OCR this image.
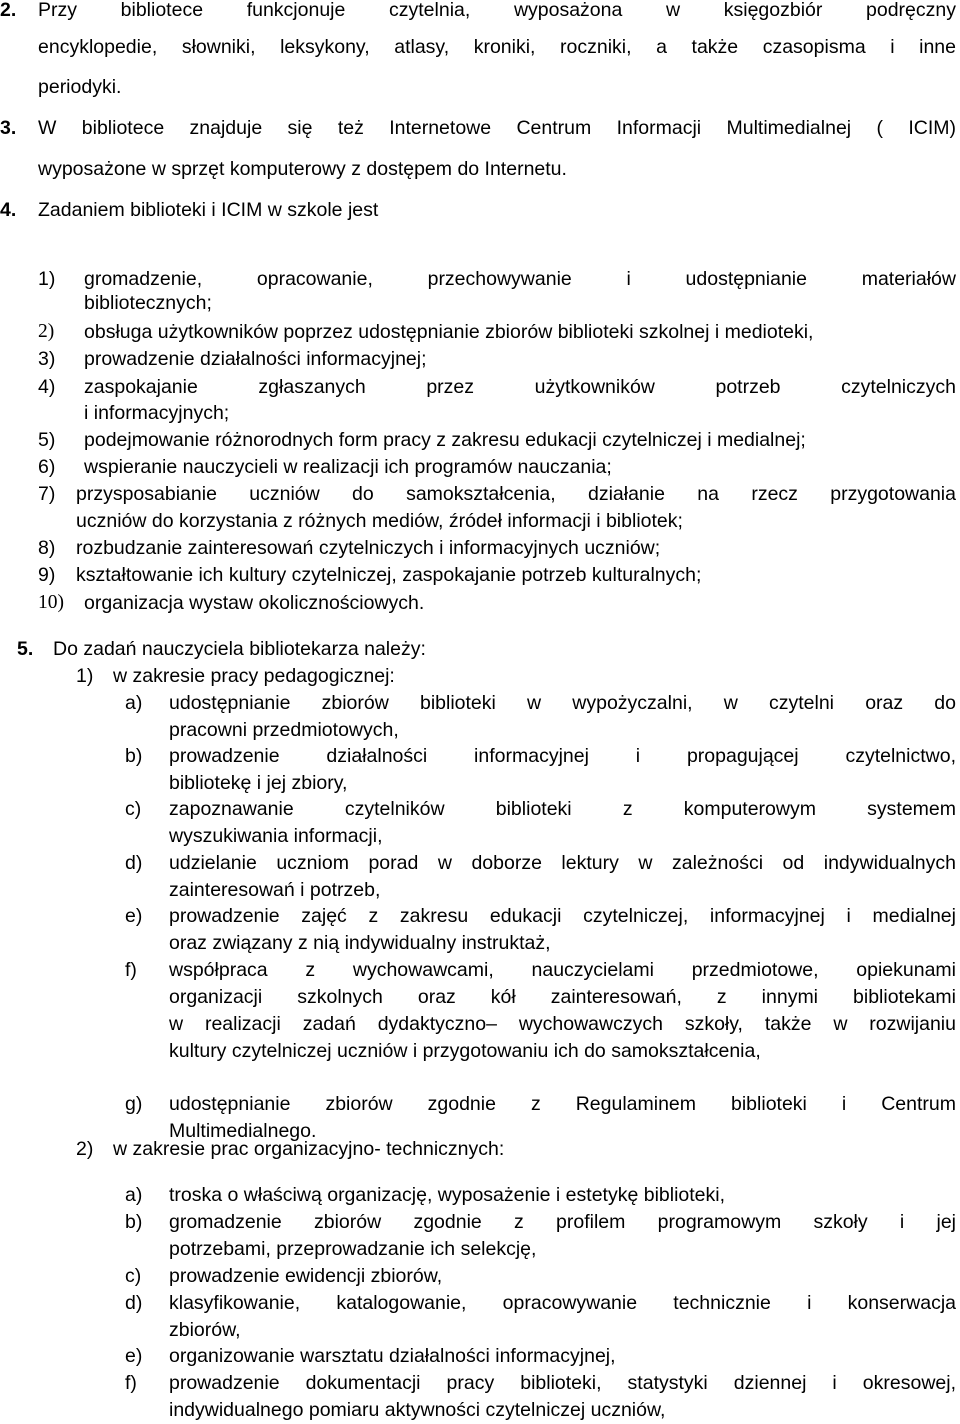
2. Przy bibliotece funkcjonuje czytelnia, wyposażona w księgozbiór podręczny
encyklopedie, słowniki, leksykony, atlasy, kroniki, roczniki, a także czasopisma i inne
periodyki.
3. W bibliotece znajduje się też Internetowe Centrum Informacji Multimedialnej ( ICIM)
wyposażone w sprzęt komputerowy z dostępem do Internetu.
4. Zadaniem biblioteki i ICIM w szkole jest
1) gromadzenie, opracowanie, przechowywanie i udostępnianie materiałów
bibliotecznych;
2) obsługa użytkowników poprzez udostępnianie zbiorów biblioteki szkolnej i medioteki,
3) prowadzenie działalności informacyjnej;
4) zaspokajanie zgłaszanych przez użytkowników potrzeb czytelniczych
i informacyjnych;
5) podejmowanie różnorodnych form pracy z zakresu edukacji czytelniczej i medialnej;
6) wspieranie nauczycieli w realizacji ich programów nauczania;
7) przysposabianie uczniów do samokształcenia, działanie na rzecz przygotowania
uczniów do korzystania z różnych mediów, źródeł informacji i bibliotek;
8) rozbudzanie zainteresowań czytelniczych i informacyjnych uczniów;
9) kształtowanie ich kultury czytelniczej, zaspokajanie potrzeb kulturalnych;
10) organizacja wystaw okolicznościowych.
5. Do zadań nauczyciela bibliotekarza należy:
1) w zakresie pracy pedagogicznej:
a) udostępnianie zbiorów biblioteki w wypożyczalni, w czytelni oraz do
pracowni przedmiotowych,
b) prowadzenie działalności informacyjnej i propagującej czytelnictwo,
bibliotekę i jej zbiory,
c) zapoznawanie czytelników biblioteki z komputerowym systemem
wyszukiwania informacji,
d) udzielanie uczniom porad w doborze lektury w zależności od indywidualnych
zainteresowań i potrzeb,
e) prowadzenie zajęć z zakresu edukacji czytelniczej, informacyjnej i medialnej
oraz związany z nią indywidualny instruktaż,
f) współpraca z wychowawcami, nauczycielami przedmiotowe, opiekunami
organizacji szkolnych oraz kół zainteresowań, z innymi bibliotekami
w realizacji zadań dydaktyczno– wychowawczych szkoły, także w rozwijaniu
kultury czytelniczej uczniów i przygotowaniu ich do samokształcenia,
g) udostępnianie zbiorów zgodnie z Regulaminem biblioteki i Centrum
Multimedialnego.
2) w zakresie prac organizacyjno- technicznych:
a) troska o właściwą organizację, wyposażenie i estetykę biblioteki,
b) gromadzenie zbiorów zgodnie z profilem programowym szkoły i jej
potrzebami, przeprowadzanie ich selekcję,
c) prowadzenie ewidencji zbiorów,
d) klasyfikowanie, katalogowanie, opracowywanie technicznie i konserwacja
zbiorów,
e) organizowanie warsztatu działalności informacyjnej,
f) prowadzenie dokumentacji pracy biblioteki, statystyki dziennej i okresowej,
indywidualnego pomiaru aktywności czytelniczej uczniów,
